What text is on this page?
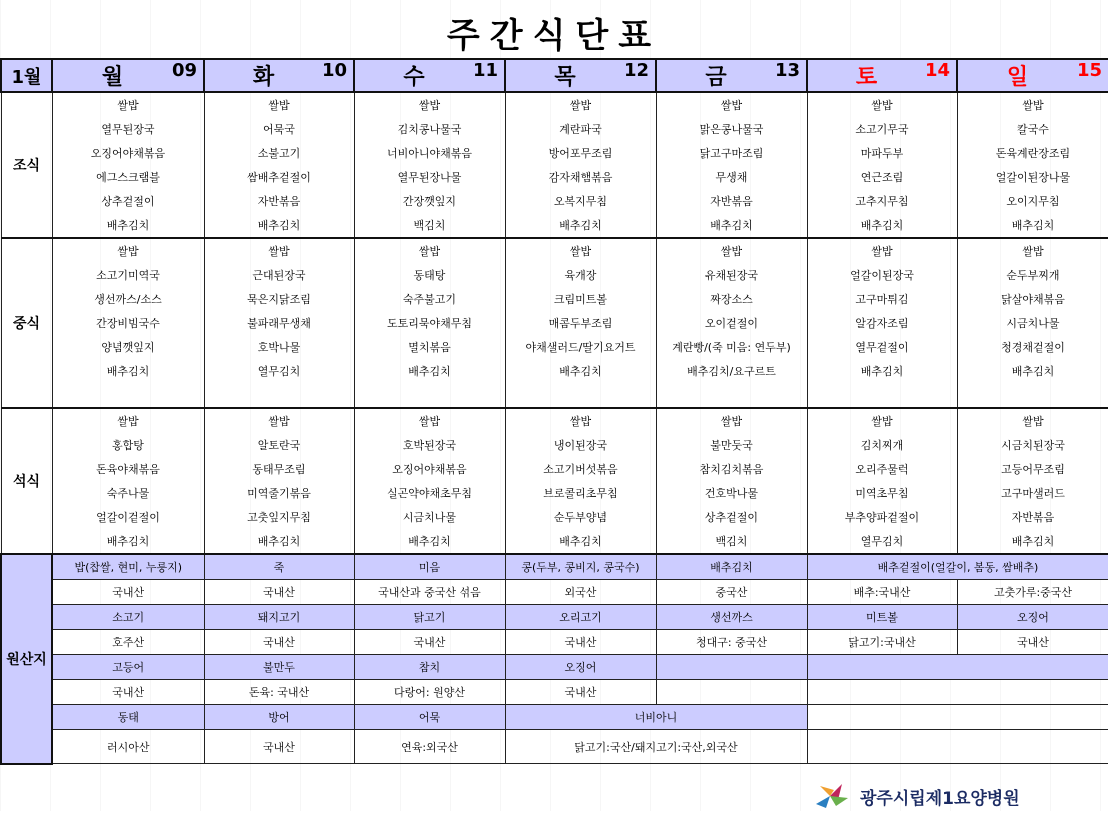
주간식단표
1월	월 09	화 10	수 11	목 12	금 13	토 14	일 15

조식	쌀밥	쌀밥	쌀밥	쌀밥	쌀밥	쌀밥	쌀밥
	열무된장국	어묵국	김치콩나물국	계란파국	맑은콩나물국	소고기무국	칼국수
	오징어야채볶음	소불고기	너비아니야채볶음	방어포무조림	닭고구마조림	마파두부	돈육계란장조림
	에그스크램블	쌈배추겉절이	열무된장나물	감자채햄볶음	무생채	연근조림	얼갈이된장나물
	상추겉절이	자반볶음	간장깻잎지	오복지무침	자반볶음	고추지무침	오이지무침
	배추김치	배추김치	백김치	배추김치	배추김치	배추김치	배추김치
중식	쌀밥	쌀밥	쌀밥	쌀밥	쌀밥	쌀밥	쌀밥
	소고기미역국	근대된장국	동태탕	육개장	유채된장국	얼갈이된장국	순두부찌개
	생선까스/소스	묵은지닭조림	숙주불고기	크림미트볼	짜장소스	고구마튀김	닭살야채볶음
	간장비빔국수	불파래무생채	도토리묵야채무침	매콤두부조림	오이겉절이	알감자조림	시금치나물
	양념깻잎지	호박나물	멸치볶음	야채샐러드/딸기요거트	계란빵/(죽 미음: 연두부)	열무겉절이	청경채겉절이
	배추김치	열무김치	배추김치	배추김치	배추김치/요구르트	배추김치	배추김치

석식	쌀밥	쌀밥	쌀밥	쌀밥	쌀밥	쌀밥	쌀밥
	홍합탕	알토란국	호박된장국	냉이된장국	불만둣국	김치찌개	시금치된장국
	돈육야채볶음	동태무조림	오징어야채볶음	소고기버섯볶음	참치김치볶음	오리주물럭	고등어무조림
	숙주나물	미역줄기볶음	실곤약야채초무침	브로콜리초무침	건호박나물	미역초무침	고구마샐러드
	얼갈이겉절이	고춧잎지무침	시금치나물	순두부양념	상추겉절이	부추양파겉절이	자반볶음
	배추김치	배추김치	배추김치	배추김치	백김치	열무김치	배추김치
원산지	밥(찹쌀, 현미, 누룽지)	죽	미음	콩(두부, 콩비지, 콩국수)	배추김치	배추겉절이(얼갈이, 봄동, 쌈배추)	
	국내산	국내산	국내산과 중국산 섞음	외국산	중국산	배추:국내산	고춧가루:중국산
	소고기	돼지고기	닭고기	오리고기	생선까스	미트볼	오징어
	호주산	국내산	국내산	국내산	청대구: 중국산	닭고기:국내산	국내산
	고등어	불만두	참치	오징어			
	국내산	돈육: 국내산	다랑어: 원양산	국내산			
	동태	방어	어묵	너비아니			
	러시아산	국내산	연육:외국산	닭고기:국산/돼지고기:국산,외국산			
광주시립제1요양병원
